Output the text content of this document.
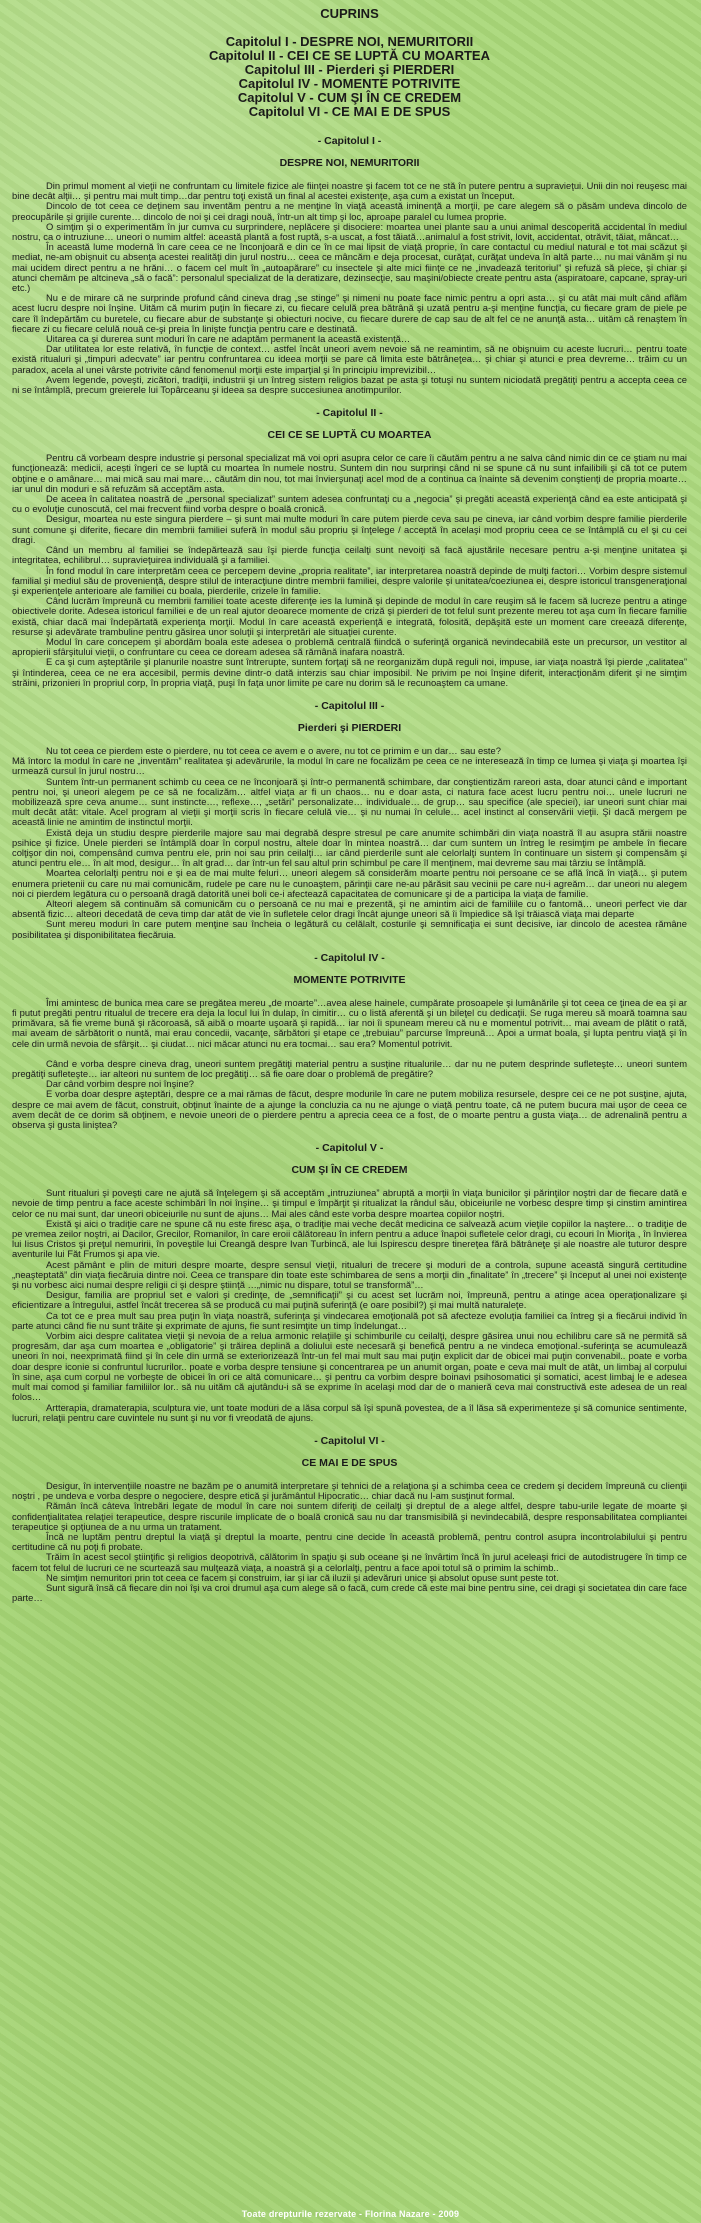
CUPRINS
Capitolul I - DESPRE NOI, NEMURITORII
Capitolul II - CEI CE SE LUPTĂ CU MOARTEA
Capitolul III - Pierderi şi PIERDERI
Capitolul IV - MOMENTE POTRIVITE
Capitolul V - CUM ŞI ÎN CE CREDEM
Capitolul VI - CE MAI E DE SPUS
- Capitolul I -
DESPRE NOI, NEMURITORII

Din primul moment al vieţii ne confruntam cu limitele fizice ale fiinţei noastre şi facem tot ce ne stă în putere pentru a supravieţui. Unii din noi reuşesc mai bine decât alţii… şi pentru mai mult timp…dar pentru toţi există un final al acestei existenţe, aşa cum a existat un început.

Dincolo de tot ceea ce deţinem sau inventăm pentru a ne menţine în viaţă această iminenţă a morţii, pe care alegem să o păsăm undeva dincolo de preocupările şi grijile curente… dincolo de noi şi cei dragi nouă, într-un alt timp şi loc, aproape paralel cu lumea proprie.

O simţim şi o experimentăm în jur cumva cu surprindere, neplăcere şi disociere: moartea unei plante sau a unui animal descoperită accidental în mediul nostru, ca o intruziune… uneori o numim altfel: această plantă a fost ruptă, s-a uscat, a fost tăiată…animalul a fost strivit, lovit, accidentat, otrăvit, tăiat, mâncat…

În această lume modernă în care ceea ce ne înconjoară e din ce în ce mai lipsit de viaţă proprie, în care contactul cu mediul natural e tot mai scăzut şi mediat, ne-am obişnuit cu absenţa acestei realităţi din jurul nostru… ceea ce mâncăm e deja procesat, curăţat, curăţat undeva în altă parte… nu mai vânăm şi nu mai ucidem direct pentru a ne hrăni… o facem cel mult în „autoapărare” cu insectele şi alte mici fiinţe ce ne „invadează teritoriul” şi refuză să plece, şi chiar şi atunci chemăm pe altcineva „să o facă”: personalul specializat de la deratizare, dezinsecţie, sau maşini/obiecte create pentru asta (aspiratoare, capcane, spray-uri etc.)

Nu e de mirare că ne surprinde profund când cineva drag „se stinge” şi nimeni nu poate face nimic pentru a opri asta… şi cu atât mai mult când aflăm acest lucru despre noi înşine. Uităm că murim puţin în fiecare zi, cu fiecare celulă prea bătrână şi uzată pentru a-şi menţine funcţia, cu fiecare gram de piele pe care îl îndepărtăm cu buretele, cu fiecare abur de substanţe şi obiecturi nocive, cu fiecare durere de cap sau de alt fel ce ne anunţă asta… uităm că renaştem în fiecare zi cu fiecare celulă nouă ce-şi preia în linişte funcţia pentru care e destinată.

Uitarea ca şi durerea sunt moduri în care ne adaptăm permanent la această existenţă…

Dar utilitatea lor este relativă, în funcţie de context… astfel încât uneori avem nevoie să ne reamintim, să ne obişnuim cu aceste lucruri… pentru toate există ritualuri şi „timpuri adecvate” iar pentru confruntarea cu ideea morţii se pare că limita este bătrâneţea… şi chiar şi atunci e prea devreme… trăim cu un paradox, acela al unei vârste potrivite când fenomenul morţii este imparţial şi în principiu imprevizibil…

Avem legende, poveşti, zicători, tradiţii, industrii şi un întreg sistem religios bazat pe asta şi totuşi nu suntem niciodată pregătiţi pentru a accepta ceea ce ni se întâmplă, precum greierele lui Topârceanu şi ideea sa despre succesiunea anotimpurilor.

- Capitolul II -
CEI CE SE LUPTĂ CU MOARTEA

Pentru că vorbeam despre industrie şi personal specializat mă voi opri asupra celor ce care îi căutăm pentru a ne salva când nimic din ce ce ştiam nu mai funcţionează: medicii, acești îngeri ce se luptă cu moartea în numele nostru. Suntem din nou surprinşi când ni se spune că nu sunt infailibili şi că tot ce putem obţine e o amânare… mai mică sau mai mare… căutăm din nou, tot mai învierşunaţi acel mod de a continua ca înainte să devenim conştienţi de propria moarte… iar unul din moduri e să refuzăm să acceptăm asta.

De aceea în calitatea noastră de „personal specializat” suntem adesea confruntaţi cu a „negocia” şi pregăti această experienţă când ea este anticipată şi cu o evoluţie cunoscută, cel mai frecvent fiind vorba despre o boală cronică.

Desigur, moartea nu este singura pierdere – şi sunt mai multe moduri în care putem pierde ceva sau pe cineva, iar când vorbim despre familie pierderile sunt comune şi diferite, fiecare din membrii familiei suferă în modul său propriu şi înţelege / acceptă în acelaşi mod propriu ceea ce se întâmplă cu el şi cu cei dragi.

Când un membru al familiei se îndepărtează sau îşi pierde funcţia ceilalţi sunt nevoiţi să facă ajustările necesare pentru a-şi menţine unitatea şi integritatea, echilibrul… supravieţuirea individuală şi a familiei.

În fond modul în care interpretăm ceea ce percepem devine „propria realitate”, iar interpretarea noastră depinde de mulţi factori… Vorbim despre sistemul familial şi mediul său de provenienţă, despre stilul de interacţiune dintre membrii familiei, despre valorile şi unitatea/coeziunea ei, despre istoricul transgeneraţional şi experienţele anterioare ale familiei cu boala, pierderile, crizele în familie.

Când lucrăm împreună cu membrii familiei toate aceste diferenţe ies la lumină şi depinde de modul în care reuşim să le facem să lucreze pentru a atinge obiectivele dorite. Adesea istoricul familiei e de un real ajutor deoarece momente de criză şi pierderi de tot felul sunt prezente mereu tot aşa cum în fiecare familie există, chiar dacă mai îndepărtată experienţa morţii. Modul în care această experienţă e integrată, folosită, depăşită este un moment care creează diferenţe, resurse şi adevărate trambuline pentru găsirea unor soluţii şi interpretări ale situaţiei curente.

Modul în care concepem şi abordăm boala este adesea o problemă centrală fiindcă o suferinţă organică nevindecabilă este un precursor, un vestitor al apropierii sfârşitului vieţii, o confruntare cu ceea ce doream adesea să rămână inafara noastră.

E ca şi cum aşteptările şi planurile noastre sunt întrerupte, suntem forţaţi să ne reorganizăm după reguli noi, impuse, iar viaţa noastră îşi pierde „calitatea” şi întinderea, ceea ce ne era accesibil, permis devine dintr-o dată interzis sau chiar imposibil. Ne privim pe noi înşine diferit, interacţionăm diferit şi ne simţim străini, prizonieri în propriul corp, în propria viaţă, puşi în faţa unor limite pe care nu dorim să le recunoaştem ca umane.

- Capitolul III -
Pierderi şi PIERDERI

Nu tot ceea ce pierdem este o pierdere, nu tot ceea ce avem e o avere, nu tot ce primim e un dar… sau este?

Mă întorc la modul în care ne „inventăm” realitatea şi adevărurile, la modul în care ne focalizăm pe ceea ce ne interesează în timp ce lumea şi viaţa şi moartea îşi urmează cursul în jurul nostru…

Suntem într-un permanent schimb cu ceea ce ne înconjoară şi într-o permanentă schimbare, dar conştientizăm rareori asta, doar atunci când e important pentru noi, şi uneori alegem pe ce să ne focalizăm… altfel viaţa ar fi un chaos… nu e doar asta, ci natura face acest lucru pentru noi… unele lucruri ne mobilizează spre ceva anume… sunt instincte…, reflexe…, „setări” personalizate… individuale… de grup… sau specifice (ale speciei), iar uneori sunt chiar mai mult decât atât: vitale. Acel program al vieţii şi morţii scris în fiecare celulă vie… şi nu numai în celule… acel instinct al conservării vieţii. Şi dacă mergem pe această linie ne amintim de instinctul morţii.

Există deja un studiu despre pierderile majore sau mai degrabă despre stresul pe care anumite schimbări din viaţa noastră îl au asupra stării noastre psihice şi fizice. Unele pierderi se întâmplă doar în corpul nostru, altele doar în mintea noastră… dar cum suntem un întreg le resimţim pe ambele în fiecare colţişor din noi, compensând cumva pentru ele, prin noi sau prin ceilalţi… iar când pierderile sunt ale celorlalţi suntem în continuare un sistem şi compensăm şi atunci pentru ele… în alt mod, desigur… în alt grad… dar într-un fel sau altul prin schimbul pe care îl menţinem, mai devreme sau mai târziu se întâmplă.

Moartea celorlalţi pentru noi e şi ea de mai multe feluri… uneori alegem să considerăm moarte pentru noi persoane ce se află încă în viaţă… şi putem enumera prietenii cu care nu mai comunicăm, rudele pe care nu le cunoaştem, părinţii care ne-au părăsit sau vecinii pe care nu-i agreăm… dar uneori nu alegem noi ci pierdem legătura cu o persoană dragă datorită unei boli ce-i afectează capacitatea de comunicare şi de a participa la viaţa de familie.

Alteori alegem să continuăm să comunicăm cu o persoană ce nu mai e prezentă, şi ne amintim aici de familiile cu o fantomă… uneori perfect vie dar absentă fizic… alteori decedată de ceva timp dar atât de vie în sufletele celor dragi încât ajunge uneori să îi împiedice să îşi trăiască viaţa mai departe

Sunt mereu moduri în care putem menţine sau încheia o legătură cu celălalt, costurile şi semnificaţia ei sunt decisive, iar dincolo de acestea rămâne posibilitatea şi disponibilitatea fiecăruia.

- Capitolul IV -
MOMENTE POTRIVITE

Îmi amintesc de bunica mea care se pregătea mereu „de moarte”…avea alese hainele, cumpărate prosoapele şi lumânările şi tot ceea ce ţinea de ea şi ar fi putut pregăti pentru ritualul de trecere era deja la locul lui în dulap, în cimitir… cu o listă aferentă şi un bileţel cu dedicaţii. Se ruga mereu să moară toamna sau primăvara, să fie vreme bună şi răcoroasă, să aibă o moarte uşoară şi rapidă… iar noi îi spuneam mereu că nu e momentul potrivit… mai aveam de plătit o rată, mai aveam de sărbătorit o nuntă, mai erau concedii, vacanţe, sărbători şi etape ce „trebuiau” parcurse împreună… Apoi a urmat boala, şi lupta pentru viaţă şi în cele din urmă nevoia de sfârşit… şi ciudat… nici măcar atunci nu era tocmai… sau era? Momentul potrivit.

Când e vorba despre cineva drag, uneori suntem pregătiţi material pentru a susţine ritualurile… dar nu ne putem desprinde sufleteşte… uneori suntem pregătiţi sufleteşte… iar alteori nu suntem de loc pregătiţi… să fie oare doar o problemă de pregătire?

Dar când vorbim despre noi înşine?

E vorba doar despre aşteptări, despre ce a mai rămas de făcut, despre modurile în care ne putem mobiliza resursele, despre cei ce ne pot susţine, ajuta, despre ce mai avem de făcut, construit, obţinut înainte de a ajunge la concluzia ca nu ne ajunge o viaţă pentru toate, că ne putem bucura mai uşor de ceea ce avem decât de ce dorim să obţinem, e nevoie uneori de o pierdere pentru a aprecia ceea ce a fost, de o moarte pentru a gusta viaţa… de adrenalină pentru a observa şi gusta liniştea?

- Capitolul V -
CUM ŞI ÎN CE CREDEM

Sunt ritualuri şi poveşti care ne ajută să înţelegem şi să acceptăm „intruziunea” abruptă a morţii în viaţa bunicilor şi părinţilor noştri dar de fiecare dată e nevoie de timp pentru a face aceste schimbări în noi înşine… şi timpul e împărţit şi ritualizat la rândul său, obiceiurile ne vorbesc despre timp şi cinstim amintirea celor ce nu mai sunt, dar uneori obiceiurile nu sunt de ajuns… Mai ales când este vorba despre moartea copiilor noştri.

Există şi aici o tradiţie care ne spune că nu este firesc aşa, o tradiţie mai veche decât medicina ce salvează acum vieţile copiilor la naştere… o tradiţie de pe vremea zeilor noştri, ai Dacilor, Grecilor, Romanilor, în care eroii călătoreau în infern pentru a aduce înapoi sufletele celor dragi, cu ecouri în Mioriţa , în învierea lui Iisus Cristos şi preţul nemuririi, în poveştile lui Creangă despre Ivan Turbincă, ale lui Ispirescu despre tinereţea fără bătrâneţe şi ale noastre ale tuturor despre aventurile lui Făt Frumos şi apa vie.

Acest pământ e plin de mituri despre moarte, despre sensul vieţii, ritualuri de trecere şi moduri de a controla, supune această singură certitudine „neaşteptată” din viaţa fiecăruia dintre noi. Ceea ce transpare din toate este schimbarea de sens a morţii din „finalitate” în „trecere” şi început al unei noi existenţe şi nu vorbesc aici numai despre religii ci şi despre ştiinţă …„nimic nu dispare, totul se transformă”…

Desigur, familia are propriul set e valori şi credinţe, de „semnificaţii” şi cu acest set lucrăm noi, împreună, pentru a atinge acea operaţionalizare şi eficientizare a întregului, astfel încât trecerea să se producă cu mai puţină suferinţă (e oare posibil?) şi mai multă naturaleţe.

Ca tot ce e prea mult sau prea puţin în viaţa noastră, suferinţa şi vindecarea emoţională pot să afecteze evoluţia familiei ca întreg şi a fiecărui individ în parte atunci când fie nu sunt trăite şi exprimate de ajuns, fie sunt resimţite un timp îndelungat…

Vorbim aici despre calitatea vieţii şi nevoia de a relua armonic relaţiile şi schimburile cu ceilalţi, despre găsirea unui nou echilibru care să ne permită să progresăm, dar aşa cum moartea e „obligatorie” şi trăirea deplină a doliului este necesară şi benefică pentru a ne vindeca emoţional.-suferinţa se acumulează uneori în noi, neexprimată fiind şi în cele din urmă se exteriorizează într-un fel mai mult sau mai puţin explicit dar de obicei mai puţin convenabil.. poate e vorba doar despre iconie si confruntul lucrurilor.. poate e vorba despre tensiune şi concentrarea pe un anumit organ, poate e ceva mai mult de atât, un limbaj al corpului în sine, aşa cum corpul ne vorbeşte de obicei în ori ce altă comunicare… şi pentru ca vorbim despre boinavi psihosomatici şi somatici, acest limbaj le e adesea mult mai comod şi familiar familiilor lor.. să nu uităm că ajutându-i să se exprime în acelaşi mod dar de o manieră ceva mai constructivă este adesea de un real folos…

Artterapia, dramaterapia, sculptura vie, unt toate moduri de a lăsa corpul să îşi spună povestea, de a îl lăsa să experimenteze şi să comunice sentimente, lucruri, relaţii pentru care cuvintele nu sunt şi nu vor fi vreodată de ajuns.

- Capitolul VI -
CE MAI E DE SPUS

Desigur, în intervenţiile noastre ne bazăm pe o anumită interpretare şi tehnici de a relaţiona şi a schimba ceea ce credem şi decidem împreună cu clienţii noştri , pe undeva e vorba despre o negociere, despre etică şi jurământul Hipocratic… chiar dacă nu l-am susţinut formal.

Rămân încă câteva întrebări legate de modul în care noi suntem diferiţi de ceilalţi şi dreptul de a alege altfel, despre tabu-urile legate de moarte şi confidenţialitatea relaţiei terapeutice, despre riscurile implicate de o boală cronică sau nu dar transmisibilă şi nevindecabilă, despre responsabilitatea compliantei terapeutice şi opţiunea de a nu urma un tratament.

Încă ne luptăm pentru dreptul la viaţă şi dreptul la moarte, pentru cine decide în această problemă, pentru control asupra incontrolabilului şi pentru certitudine că nu poţi fi probate.

Trăim în acest secol ştiinţific şi religios deopotrivă, călătorim în spaţiu şi sub oceane şi ne învârtim încă în jurul aceleaşi frici de autodistrugere în timp ce facem tot felul de lucruri ce ne scurtează sau mulţează viaţa, a noastră şi a celorlalţi, pentru a face apoi totul să o primim la schimb..

Ne simţim nemuritori prin tot ceea ce facem şi construim, iar şi iar că iluzii şi adevăruri unice şi absolut opuse sunt peste tot.

Sunt sigură însă că fiecare din noi îşi va croi drumul aşa cum alege să o facă, cum crede că este mai bine pentru sine, cei dragi şi societatea din care face parte…

Toate drepturile rezervate - Florina Nazare - 2009
